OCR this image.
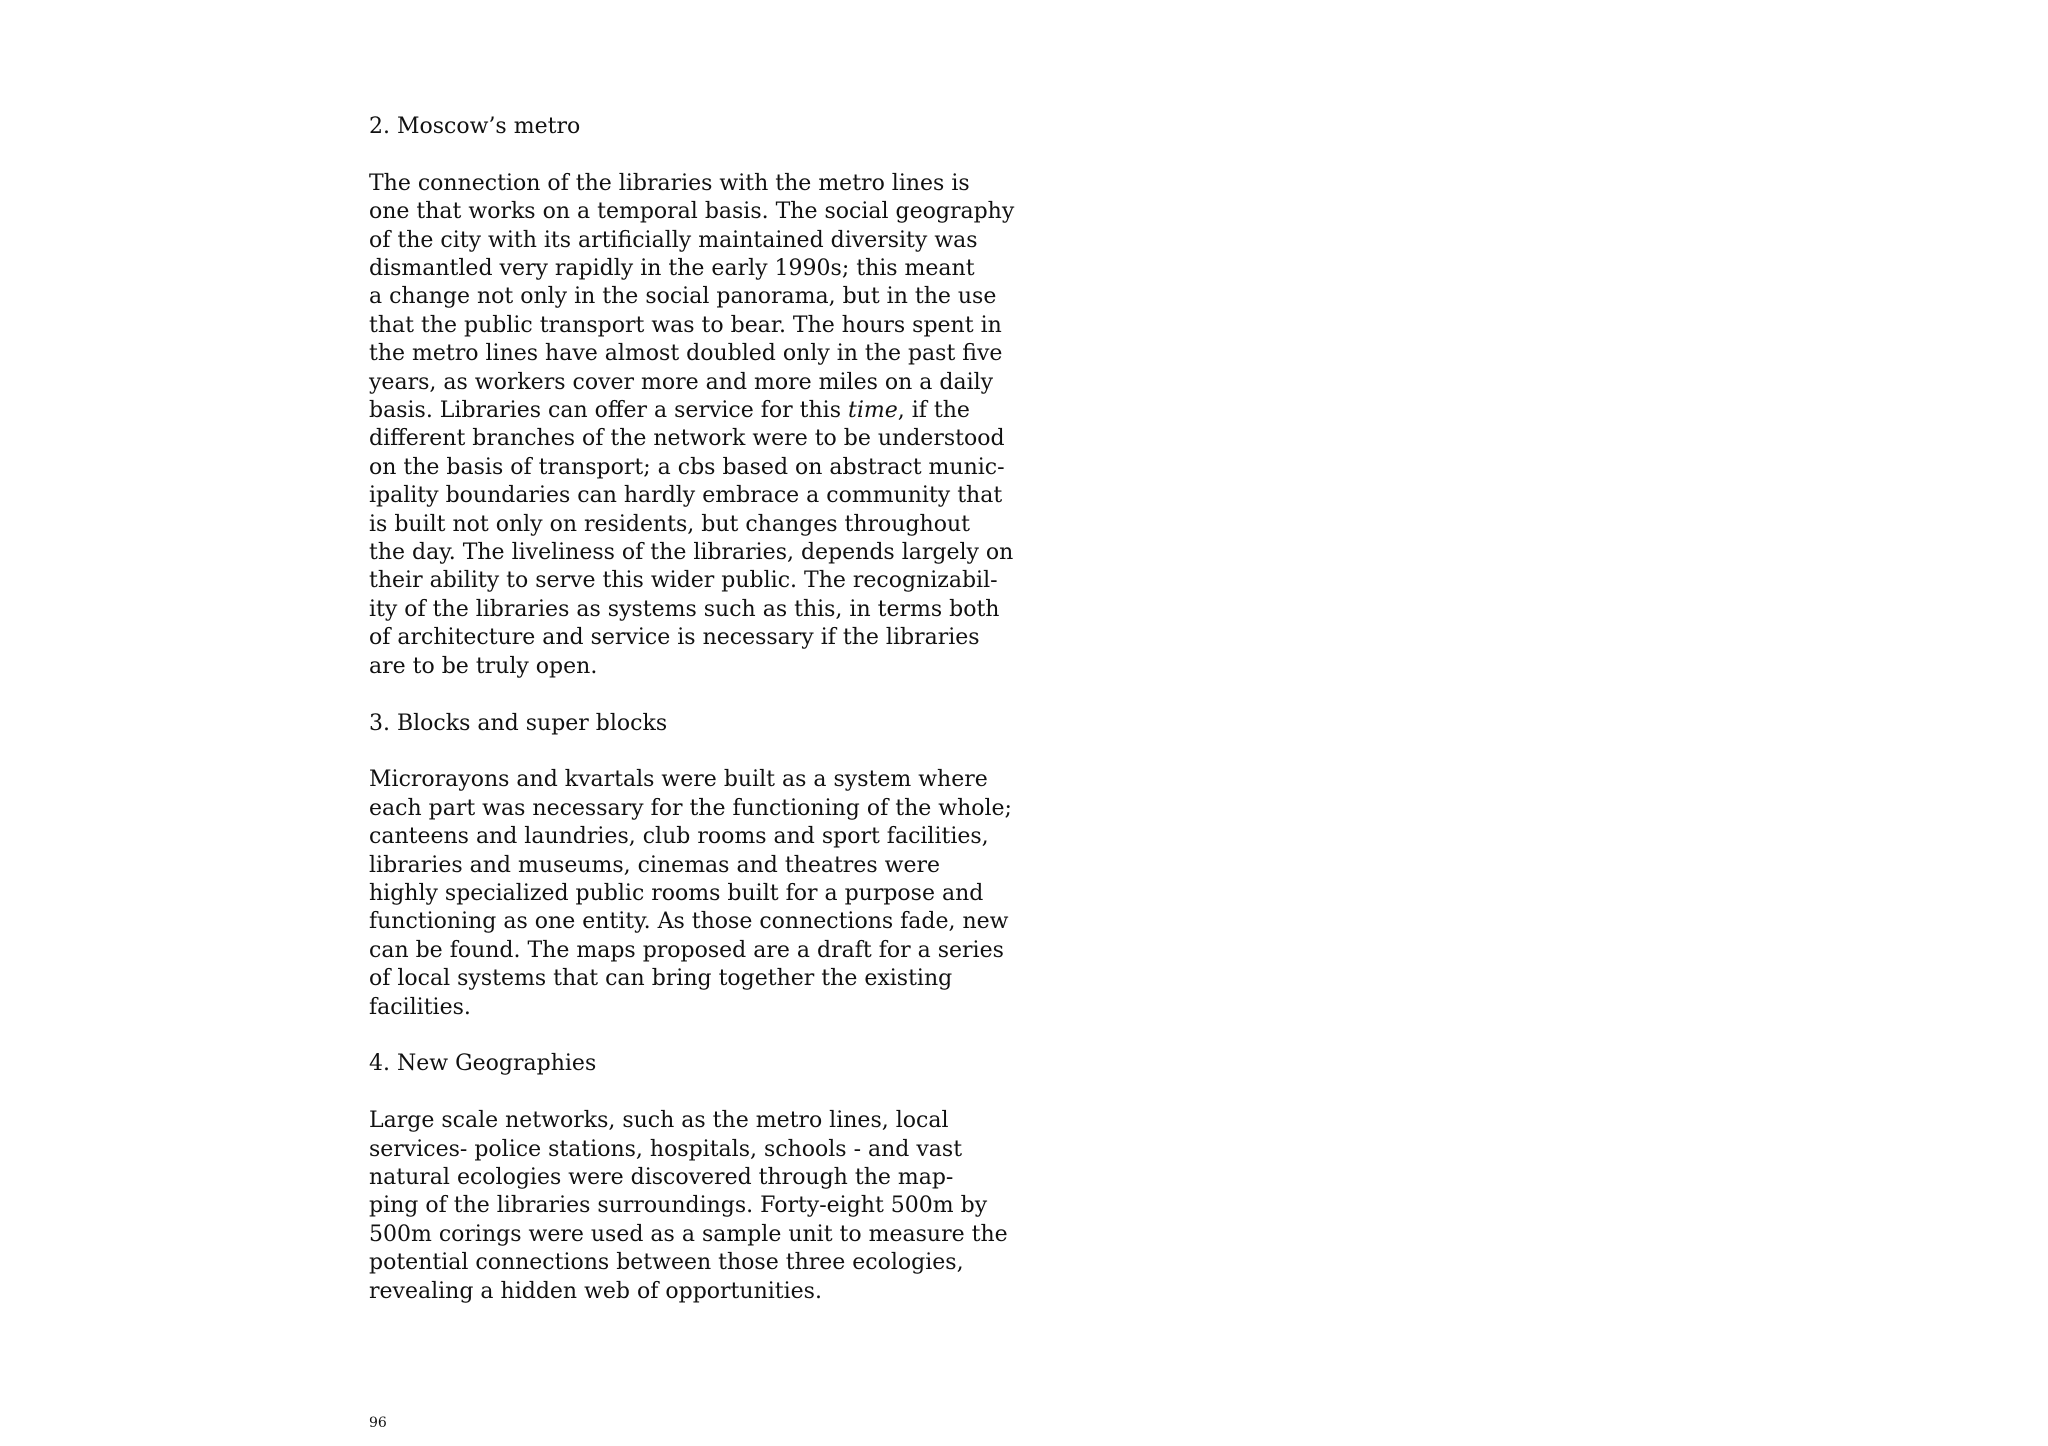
2. Moscow’s metro

The connection of the libraries with the metro lines is
one that works on a temporal basis. The social geography
of the city with its artificially maintained diversity was
dismantled very rapidly in the early 1990s; this meant
a change not only in the social panorama, but in the use
that the public transport was to bear. The hours spent in
the metro lines have almost doubled only in the past five
years, as workers cover more and more miles on a daily
basis. Libraries can offer a service for this time, if the
different branches of the network were to be understood
on the basis of transport; a cbs based on abstract munic-
ipality boundaries can hardly embrace a community that
is built not only on residents, but changes throughout
the day. The liveliness of the libraries, depends largely on
their ability to serve this wider public. The recognizabil-
ity of the libraries as systems such as this, in terms both
of architecture and service is necessary if the libraries
are to be truly open.

3. Blocks and super blocks

Microrayons and kvartals were built as a system where
each part was necessary for the functioning of the whole;
canteens and laundries, club rooms and sport facilities,
libraries and museums, cinemas and theatres were
highly specialized public rooms built for a purpose and
functioning as one entity. As those connections fade, new
can be found. The maps proposed are a draft for a series
of local systems that can bring together the existing
facilities.

4. New Geographies

Large scale networks, such as the metro lines, local
services- police stations, hospitals, schools - and vast
natural ecologies were discovered through the map-
ping of the libraries surroundings. Forty-eight 500m by
500m corings were used as a sample unit to measure the
potential connections between those three ecologies,
revealing a hidden web of opportunities.

96
